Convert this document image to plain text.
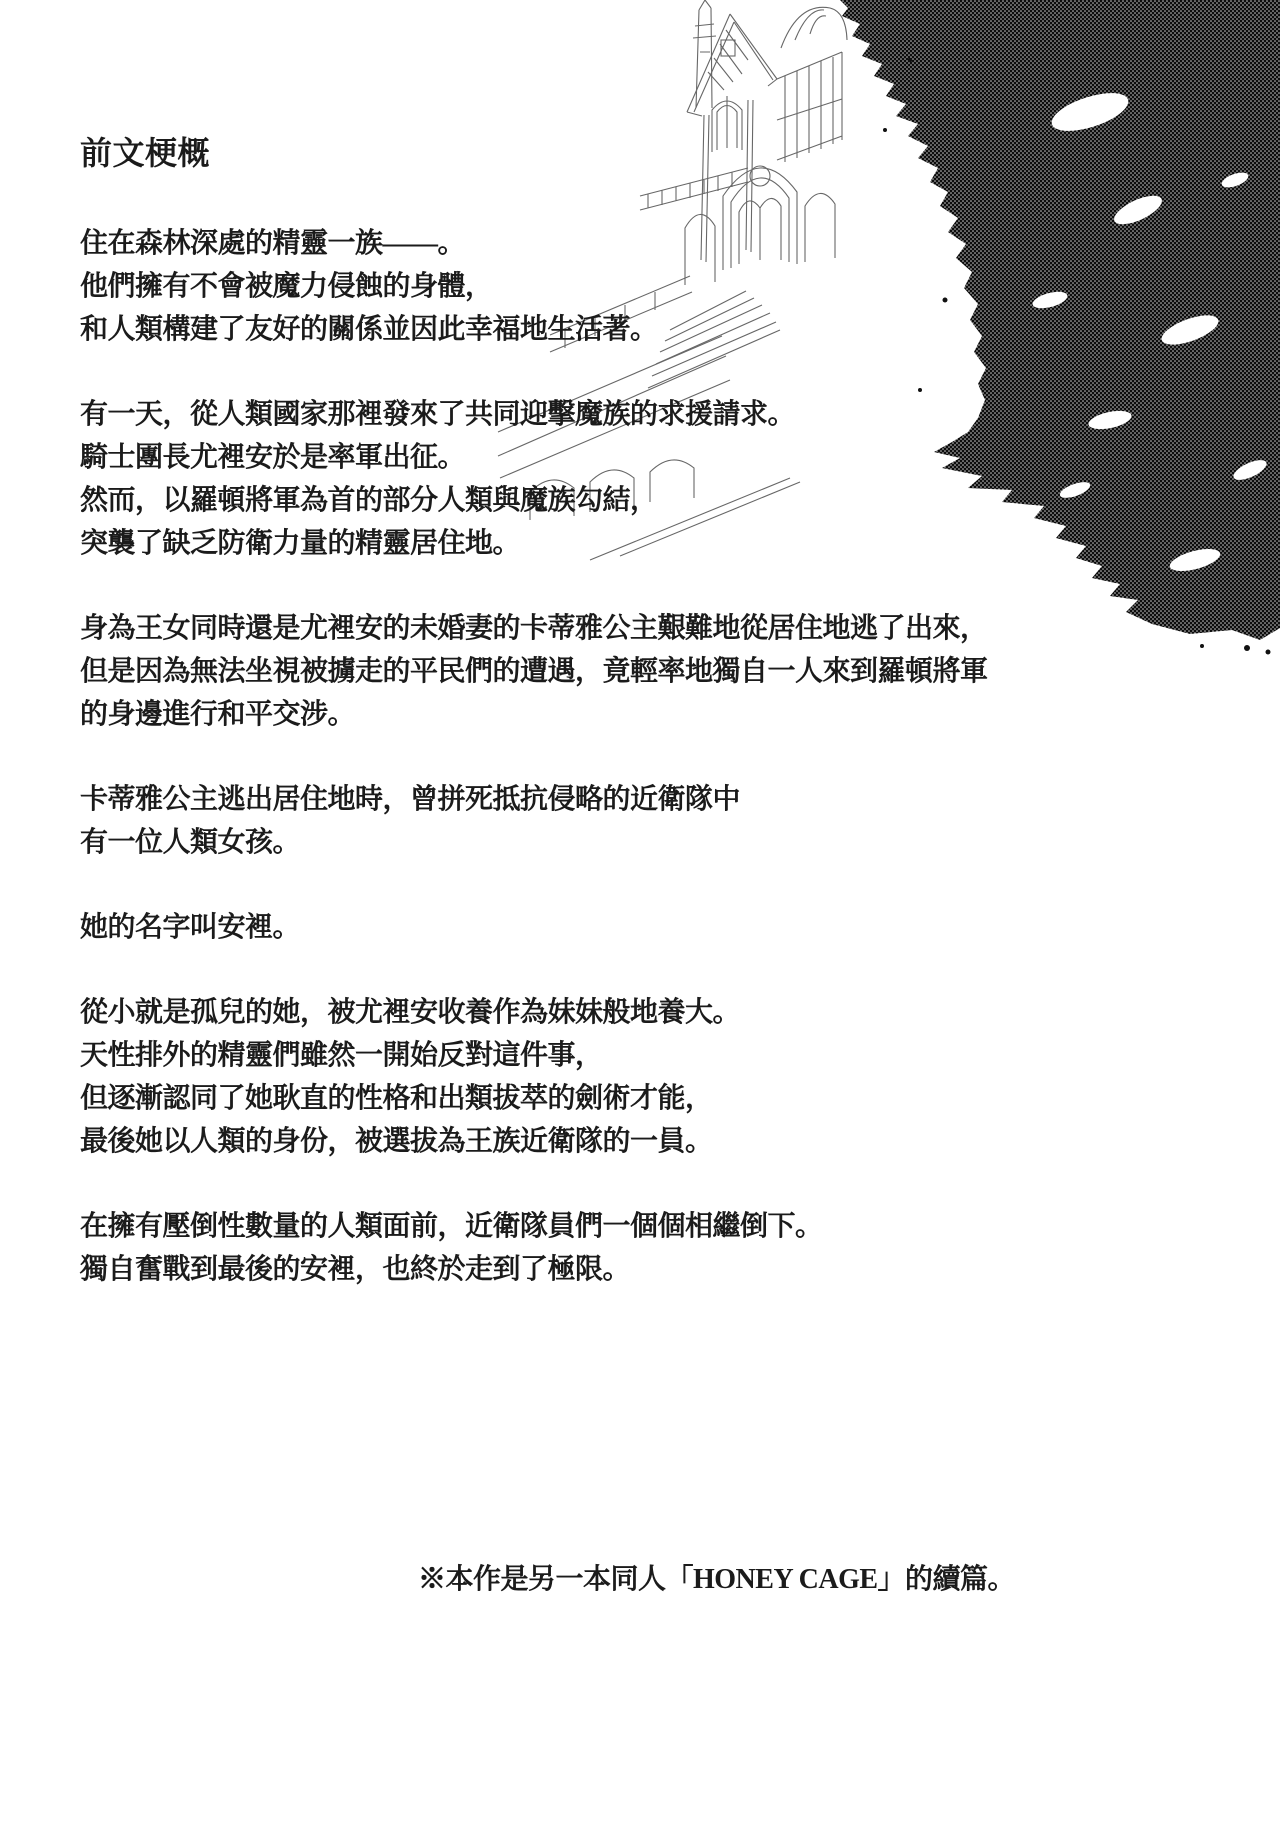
前文梗概

住在森林深處的精靈一族——。
他們擁有不會被魔力侵蝕的身體，
和人類構建了友好的關係並因此幸福地生活著。

有一天，從人類國家那裡發來了共同迎擊魔族的求援請求。
騎士團長尤裡安於是率軍出征。
然而，以羅頓將軍為首的部分人類與魔族勾結，
突襲了缺乏防衛力量的精靈居住地。

身為王女同時還是尤裡安的未婚妻的卡蒂雅公主艱難地從居住地逃了出來，
但是因為無法坐視被擄走的平民們的遭遇，竟輕率地獨自一人來到羅頓將軍
的身邊進行和平交涉。

卡蒂雅公主逃出居住地時，曾拼死抵抗侵略的近衛隊中
有一位人類女孩。

她的名字叫安裡。

從小就是孤兒的她，被尤裡安收養作為妹妹般地養大。
天性排外的精靈們雖然一開始反對這件事，
但逐漸認同了她耿直的性格和出類拔萃的劍術才能，
最後她以人類的身份，被選拔為王族近衛隊的一員。

在擁有壓倒性數量的人類面前，近衛隊員們一個個相繼倒下。
獨自奮戰到最後的安裡，也終於走到了極限。

※本作是另一本同人「HONEY CAGE」的續篇。
